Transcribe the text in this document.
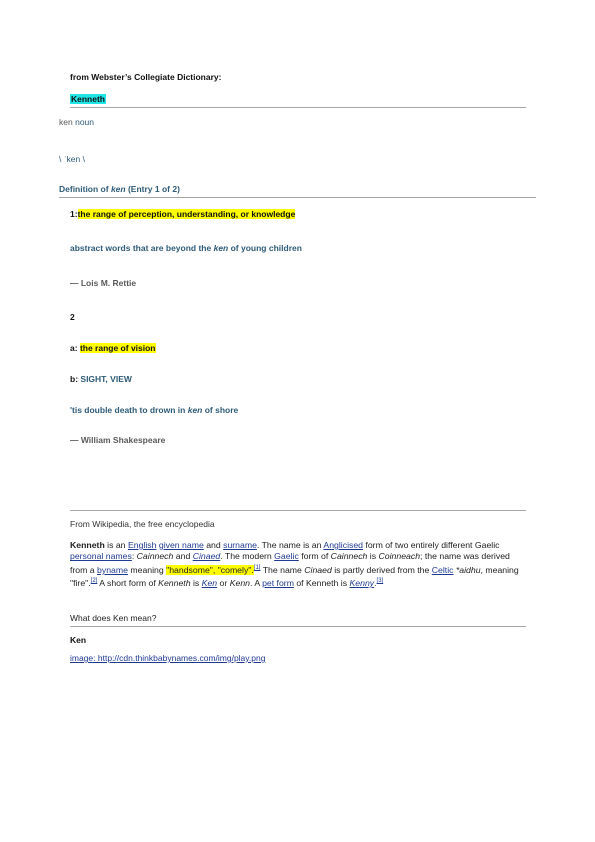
from Webster’s Collegiate Dictionary:
Kenneth
ken noun
\ ˈken \
Definition of ken (Entry 1 of 2)
1:the range of perception, understanding, or knowledge
abstract words that are beyond the ken of young children
— Lois M. Rettie
2
a: the range of vision
b: SIGHT, VIEW
'tis double death to drown in ken of shore
— William Shakespeare
From Wikipedia, the free encyclopedia
Kenneth is an English given name and surname. The name is an Anglicised form of two entirely different Gaelic personal names: Cainnech and Cinaed. The modern Gaelic form of Cainnech is Coinneach; the name was derived from a byname meaning "handsome", "comely".[1] The name Cinaed is partly derived from the Celtic *aidhu, meaning "fire".[2] A short form of Kenneth is Ken or Kenn. A pet form of Kenneth is Kenny.[3]
What does Ken mean?
Ken
image: http://cdn.thinkbabynames.com/img/play.png
